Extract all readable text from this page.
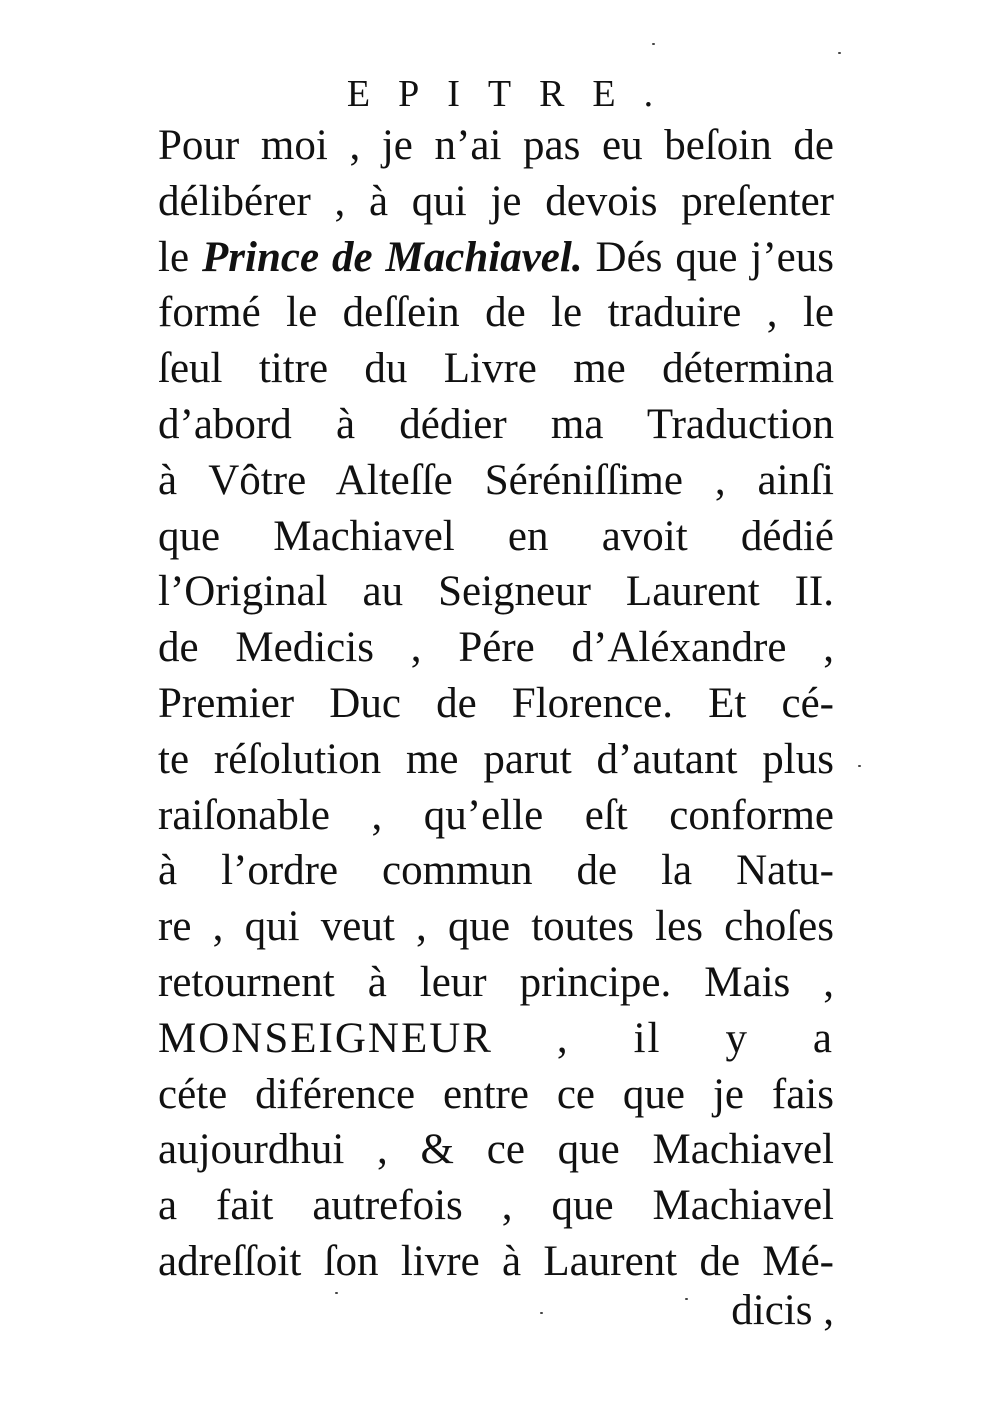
EPITRE.
Pour moi , je n’ai pas eu beſoin de
délibérer , à qui je devois preſenter
le Prince de Machiavel. Dés que j’eus
formé le deſſein de le traduire , le
ſeul titre du Livre me détermina
d’abord à dédier ma Traduction
à Vôtre Alteſſe Séréniſſime , ainſi
que Machiavel en avoit dédié
l’Original au Seigneur Laurent II.
de Medicis , Pére d’Aléxandre ,
Premier Duc de Florence. Et cé-
te réſolution me parut d’autant plus
raiſonable , qu’elle eſt conforme
à l’ordre commun de la Natu-
re , qui veut , que toutes les choſes
retournent à leur principe. Mais ,
MONSEIGNEUR , il y a
céte diférence entre ce que je fais
aujourdhui , & ce que Machiavel
a fait autrefois , que Machiavel
adreſſoit ſon livre à Laurent de Mé-
dicis ,
